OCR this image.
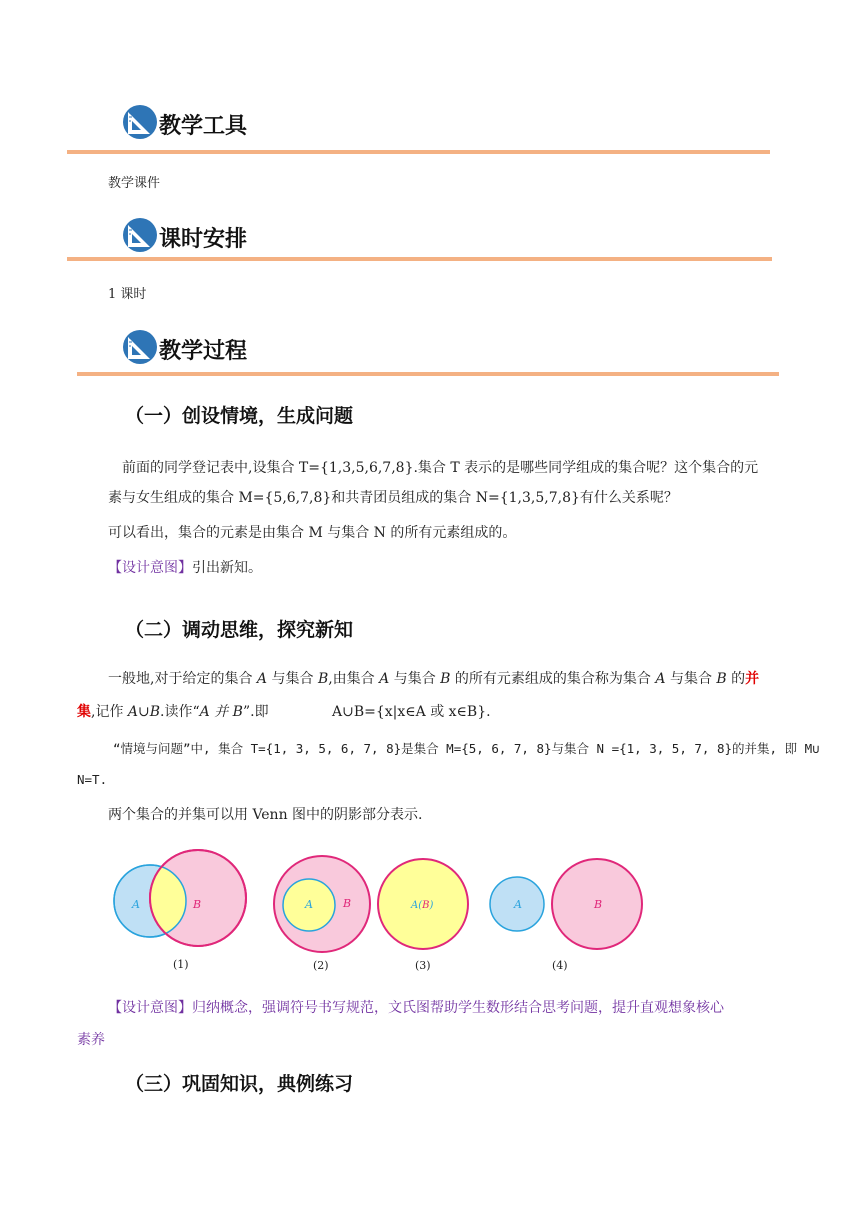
教学工具
教学课件
课时安排
1 课时
教学过程
（一）创设情境，生成问题
前面的同学登记表中,设集合 T={1,3,5,6,7,8}.集合 T 表示的是哪些同学组成的集合呢？这个集合的元
素与女生组成的集合 M={5,6,7,8}和共青团员组成的集合 N={1,3,5,7,8}有什么关系呢？
可以看出，集合的元素是由集合 M 与集合 N 的所有元素组成的。
【设计意图】引出新知。
（二）调动思维，探究新知
一般地,对于给定的集合 A 与集合 B,由集合 A 与集合 B 的所有元素组成的集合称为集合 A 与集合 B 的并
集,记作 A∪B.读作“A 并 B”.即	A∪B={x|x∈A 或 x∈B}.
“情境与问题”中, 集合 T={1, 3, 5, 6, 7, 8}是集合 M={5, 6, 7, 8}与集合 N ={1, 3, 5, 7, 8}的并集, 即 M∪
N=T.
两个集合的并集可以用 Venn 图中的阴影部分表示.
A	B	A	B	A(B)	A	B
(1)	(2)	(3)	(4)
【设计意图】归纳概念，强调符号书写规范，文氏图帮助学生数形结合思考问题，提升直观想象核心
素养
（三）巩固知识，典例练习
